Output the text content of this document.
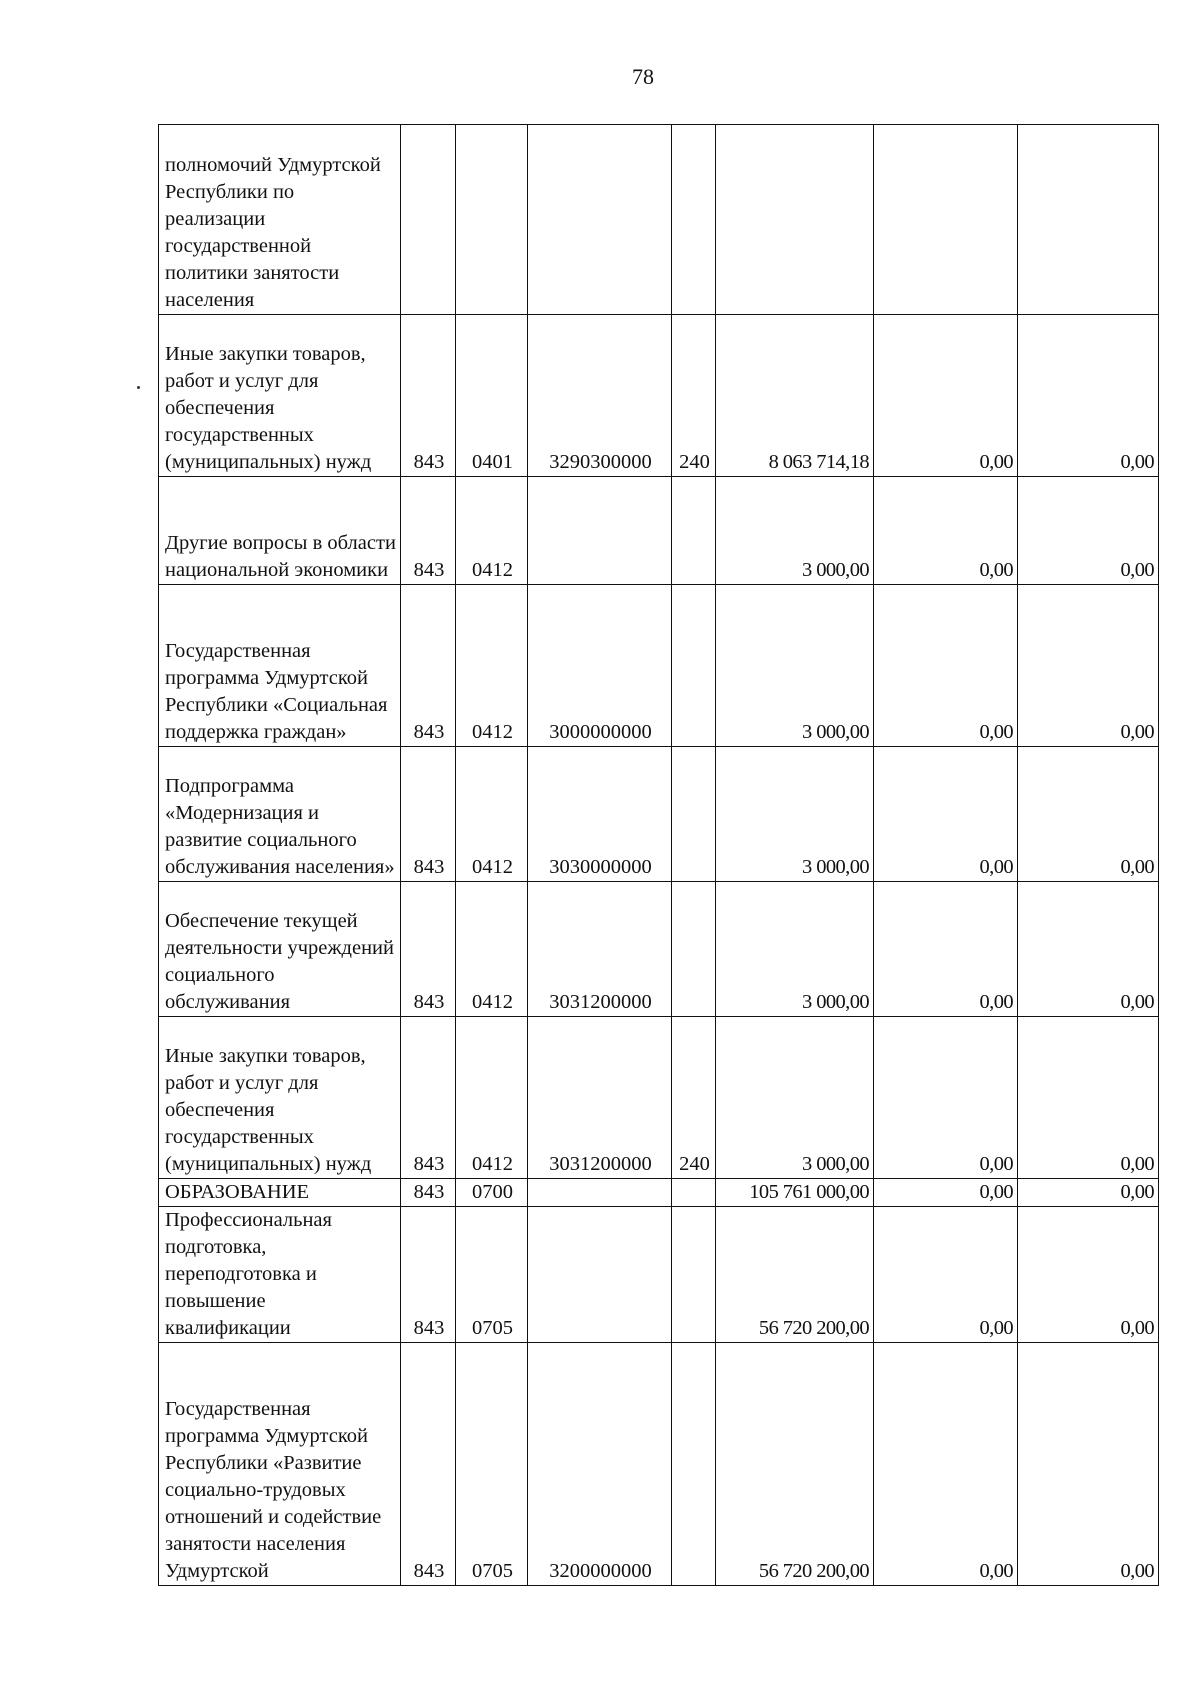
78
полномочий Удмуртской Республики по реализации государственной политики занятости населения							
Иные закупки товаров, работ и услуг для обеспечения государственных (муниципальных) нужд	843	0401	3290300000	240	8 063 714,18	0,00	0,00
Другие вопросы в области национальной экономики	843	0412			3 000,00	0,00	0,00
Государственная программа Удмуртской Республики «Социальная поддержка граждан»	843	0412	3000000000		3 000,00	0,00	0,00
Подпрограмма «Модернизация и развитие социального обслуживания населения»	843	0412	3030000000		3 000,00	0,00	0,00
Обеспечение текущей деятельности учреждений социального обслуживания	843	0412	3031200000		3 000,00	0,00	0,00
Иные закупки товаров, работ и услуг для обеспечения государственных (муниципальных) нужд	843	0412	3031200000	240	3 000,00	0,00	0,00
ОБРАЗОВАНИЕ	843	0700			105 761 000,00	0,00	0,00
Профессиональная подготовка, переподготовка и повышение квалификации	843	0705			56 720 200,00	0,00	0,00
Государственная программа Удмуртской Республики «Развитие социально-трудовых отношений и содействие занятости населения Удмуртской	843	0705	3200000000		56 720 200,00	0,00	0,00
